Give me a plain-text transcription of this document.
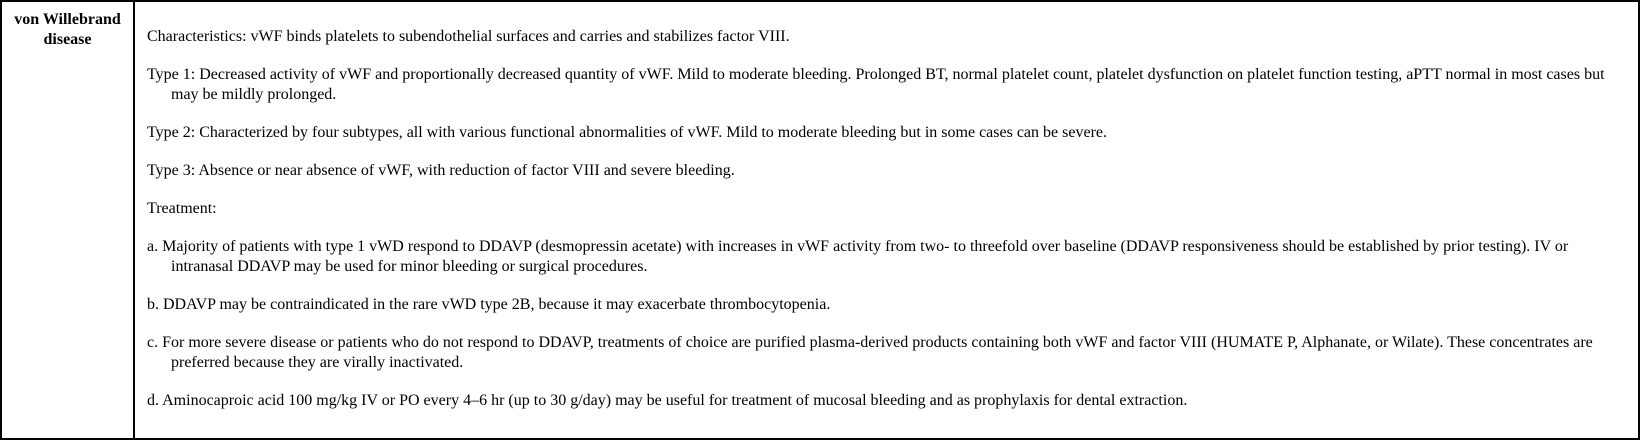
von Willebrand disease	Characteristics: vWF binds platelets to subendothelial surfaces and carries and stabilizes factor VIII.

Type 1: Decreased activity of vWF and proportionally decreased quantity of vWF. Mild to moderate bleeding. Prolonged BT, normal platelet count, platelet dysfunction on platelet function testing, aPTT normal in most cases but may be mildly prolonged.

Type 2: Characterized by four subtypes, all with various functional abnormalities of vWF. Mild to moderate bleeding but in some cases can be severe.

Type 3: Absence or near absence of vWF, with reduction of factor VIII and severe bleeding.

Treatment:

a. Majority of patients with type 1 vWD respond to DDAVP (desmopressin acetate) with increases in vWF activity from two- to threefold over baseline (DDAVP responsiveness should be established by prior testing). IV or intranasal DDAVP may be used for minor bleeding or surgical procedures.

b. DDAVP may be contraindicated in the rare vWD type 2B, because it may exacerbate thrombocytopenia.

c. For more severe disease or patients who do not respond to DDAVP, treatments of choice are purified plasma-derived products containing both vWF and factor VIII (HUMATE P, Alphanate, or Wilate). These concentrates are preferred because they are virally inactivated.

d. Aminocaproic acid 100 mg/kg IV or PO every 4–6 hr (up to 30 g/day) may be useful for treatment of mucosal bleeding and as prophylaxis for dental extraction.
